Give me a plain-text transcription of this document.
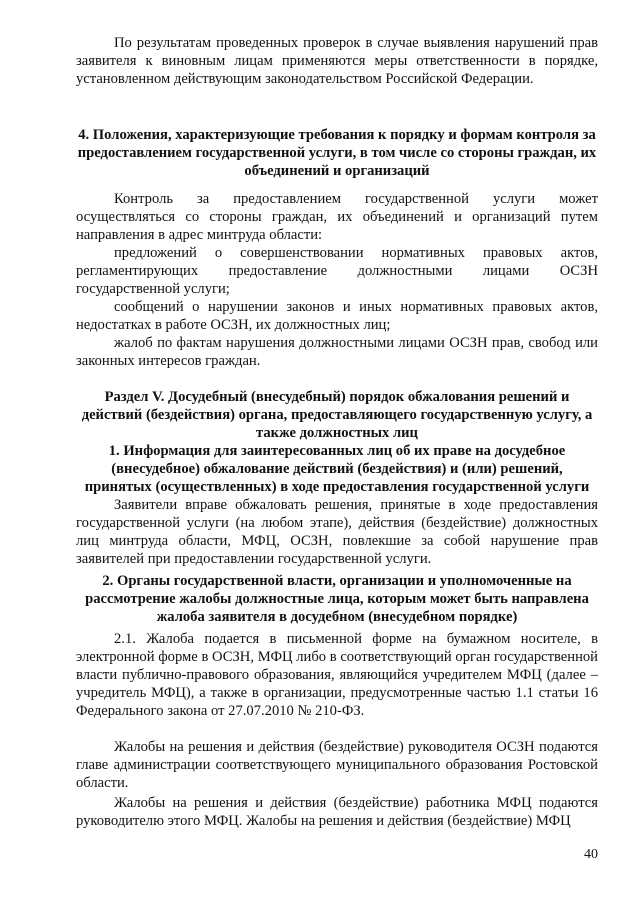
По результатам проведенных проверок в случае выявления нарушений прав заявителя к виновным лицам применяются меры ответственности в порядке, установленном действующим законодательством Российской Федерации.

4. Положения, характеризующие требования к порядку и формам контроля за предоставлением государственной услуги, в том числе со стороны граждан, их объединений и организаций

Контроль за предоставлением государственной услуги может осуществляться со стороны граждан, их объединений и организаций путем направления в адрес минтруда области:

предложений о совершенствовании нормативных правовых актов, регламентирующих предоставление должностными лицами ОСЗН государственной услуги;

сообщений о нарушении законов и иных нормативных правовых актов, недостатках в работе ОСЗН, их должностных лиц;

жалоб по фактам нарушения должностными лицами ОСЗН прав, свобод или законных интересов граждан.

Раздел V. Досудебный (внесудебный) порядок обжалования решений и действий (бездействия) органа, предоставляющего государственную услугу, а также должностных лиц
1. Информация для заинтересованных лиц об их праве на досудебное (внесудебное) обжалование действий (бездействия) и (или) решений, принятых (осуществленных) в ходе предоставления государственной услуги

Заявители вправе обжаловать решения, принятые в ходе предоставления государственной услуги (на любом этапе), действия (бездействие) должностных лиц минтруда области, МФЦ, ОСЗН, повлекшие за собой нарушение прав заявителей при предоставлении государственной услуги.

2. Органы государственной власти, организации и уполномоченные на рассмотрение жалобы должностные лица, которым может быть направлена жалоба заявителя в досудебном (внесудебном порядке)

2.1. Жалоба подается в письменной форме на бумажном носителе, в электронной форме в ОСЗН, МФЦ либо в соответствующий орган государственной власти публично-правового образования, являющийся учредителем МФЦ (далее – учредитель МФЦ), а также в организации, предусмотренные частью 1.1 статьи 16 Федерального закона от 27.07.2010 № 210-ФЗ.

Жалобы на решения и действия (бездействие) руководителя ОСЗН подаются главе администрации соответствующего муниципального образования Ростовской области.

Жалобы на решения и действия (бездействие) работника МФЦ подаются руководителю этого МФЦ. Жалобы на решения и действия (бездействие) МФЦ

40
